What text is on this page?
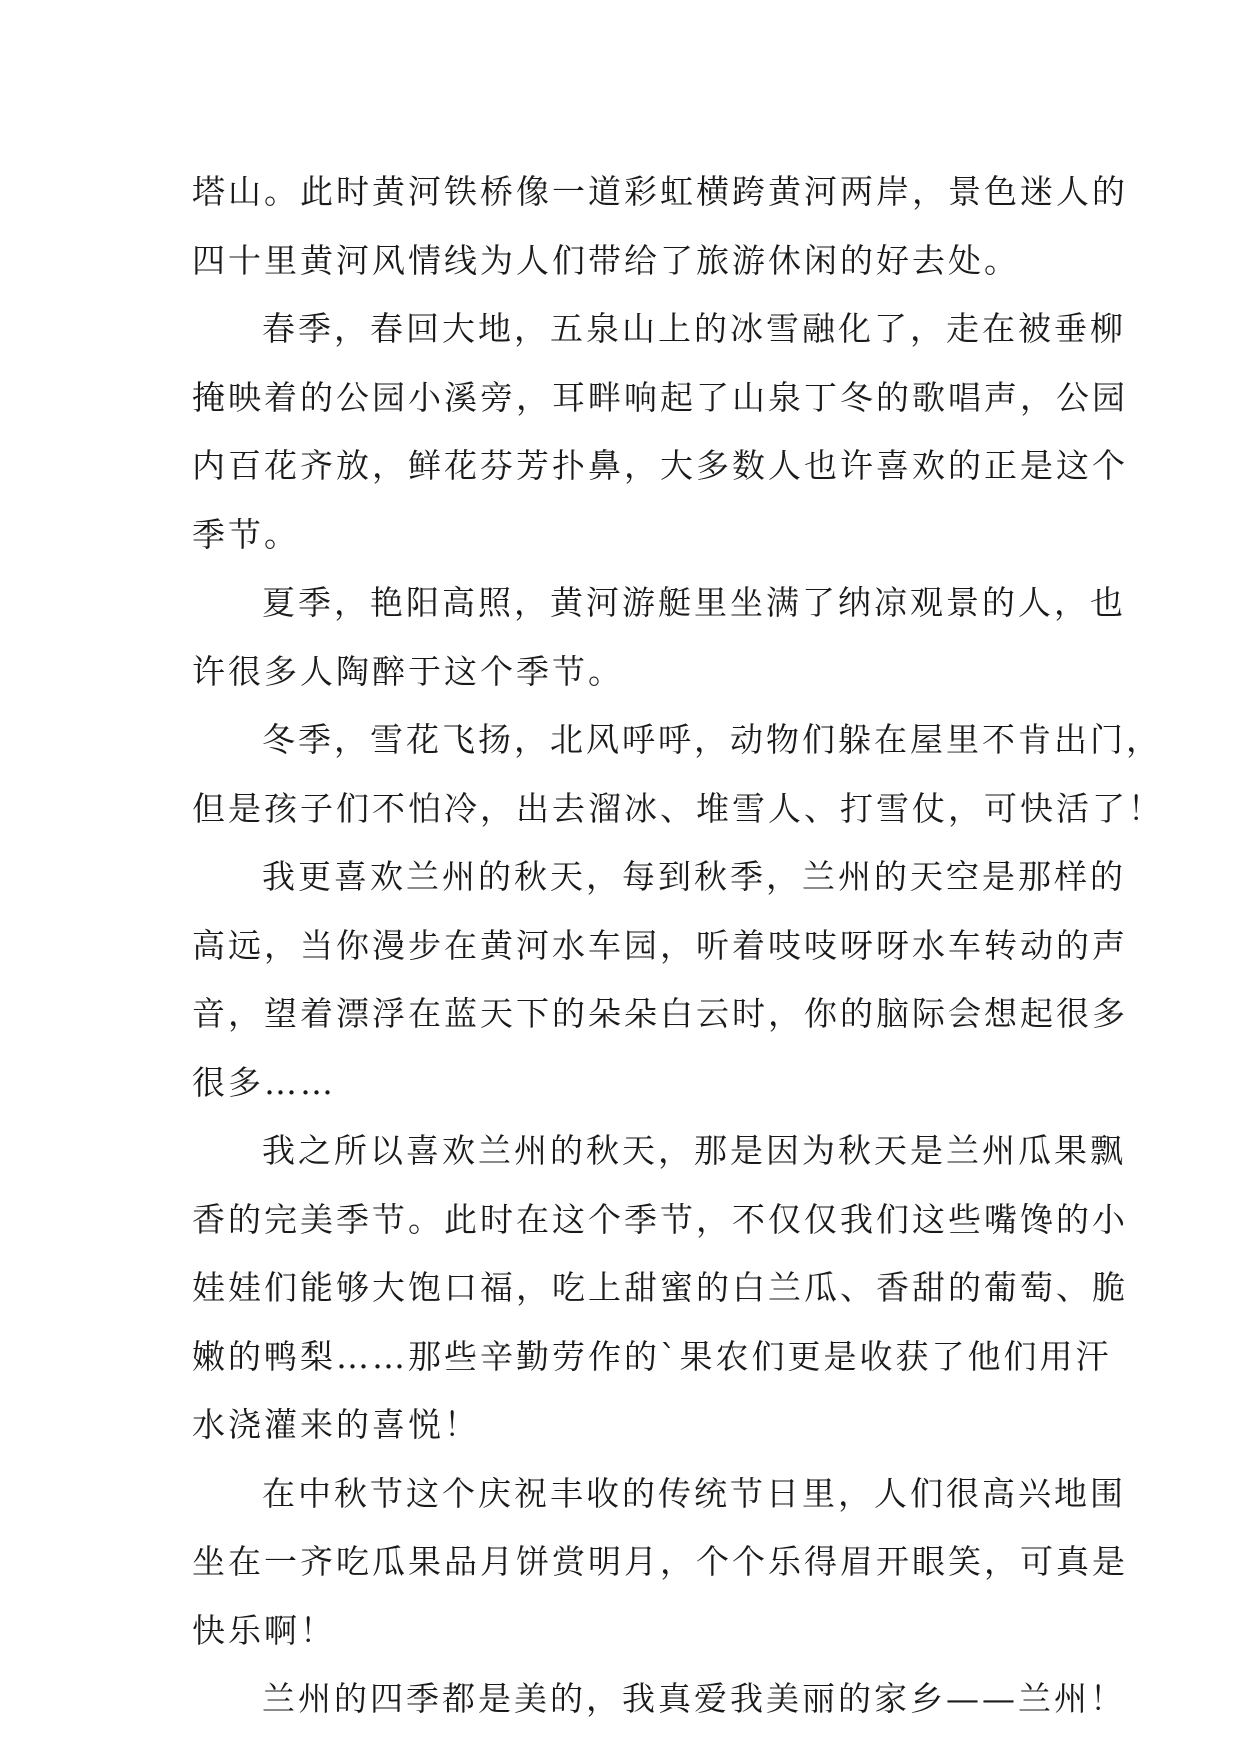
塔山。此时黄河铁桥像一道彩虹横跨黄河两岸，景色迷人的
四十里黄河风情线为人们带给了旅游休闲的好去处。
春季，春回大地，五泉山上的冰雪融化了，走在被垂柳
掩映着的公园小溪旁，耳畔响起了山泉丁冬的歌唱声，公园
内百花齐放，鲜花芬芳扑鼻，大多数人也许喜欢的正是这个
季节。
夏季，艳阳高照，黄河游艇里坐满了纳凉观景的人，也
许很多人陶醉于这个季节。
冬季，雪花飞扬，北风呼呼，动物们躲在屋里不肯出门，
但是孩子们不怕冷，出去溜冰、堆雪人、打雪仗，可快活了！
我更喜欢兰州的秋天，每到秋季，兰州的天空是那样的
高远，当你漫步在黄河水车园，听着吱吱呀呀水车转动的声
音，望着漂浮在蓝天下的朵朵白云时，你的脑际会想起很多
很多……
我之所以喜欢兰州的秋天，那是因为秋天是兰州瓜果飘
香的完美季节。此时在这个季节，不仅仅我们这些嘴馋的小
娃娃们能够大饱口福，吃上甜蜜的白兰瓜、香甜的葡萄、脆
嫩的鸭梨……那些辛勤劳作的`果农们更是收获了他们用汗
水浇灌来的喜悦！
在中秋节这个庆祝丰收的传统节日里，人们很高兴地围
坐在一齐吃瓜果品月饼赏明月，个个乐得眉开眼笑，可真是
快乐啊！
兰州的四季都是美的，我真爱我美丽的家乡——兰州！
